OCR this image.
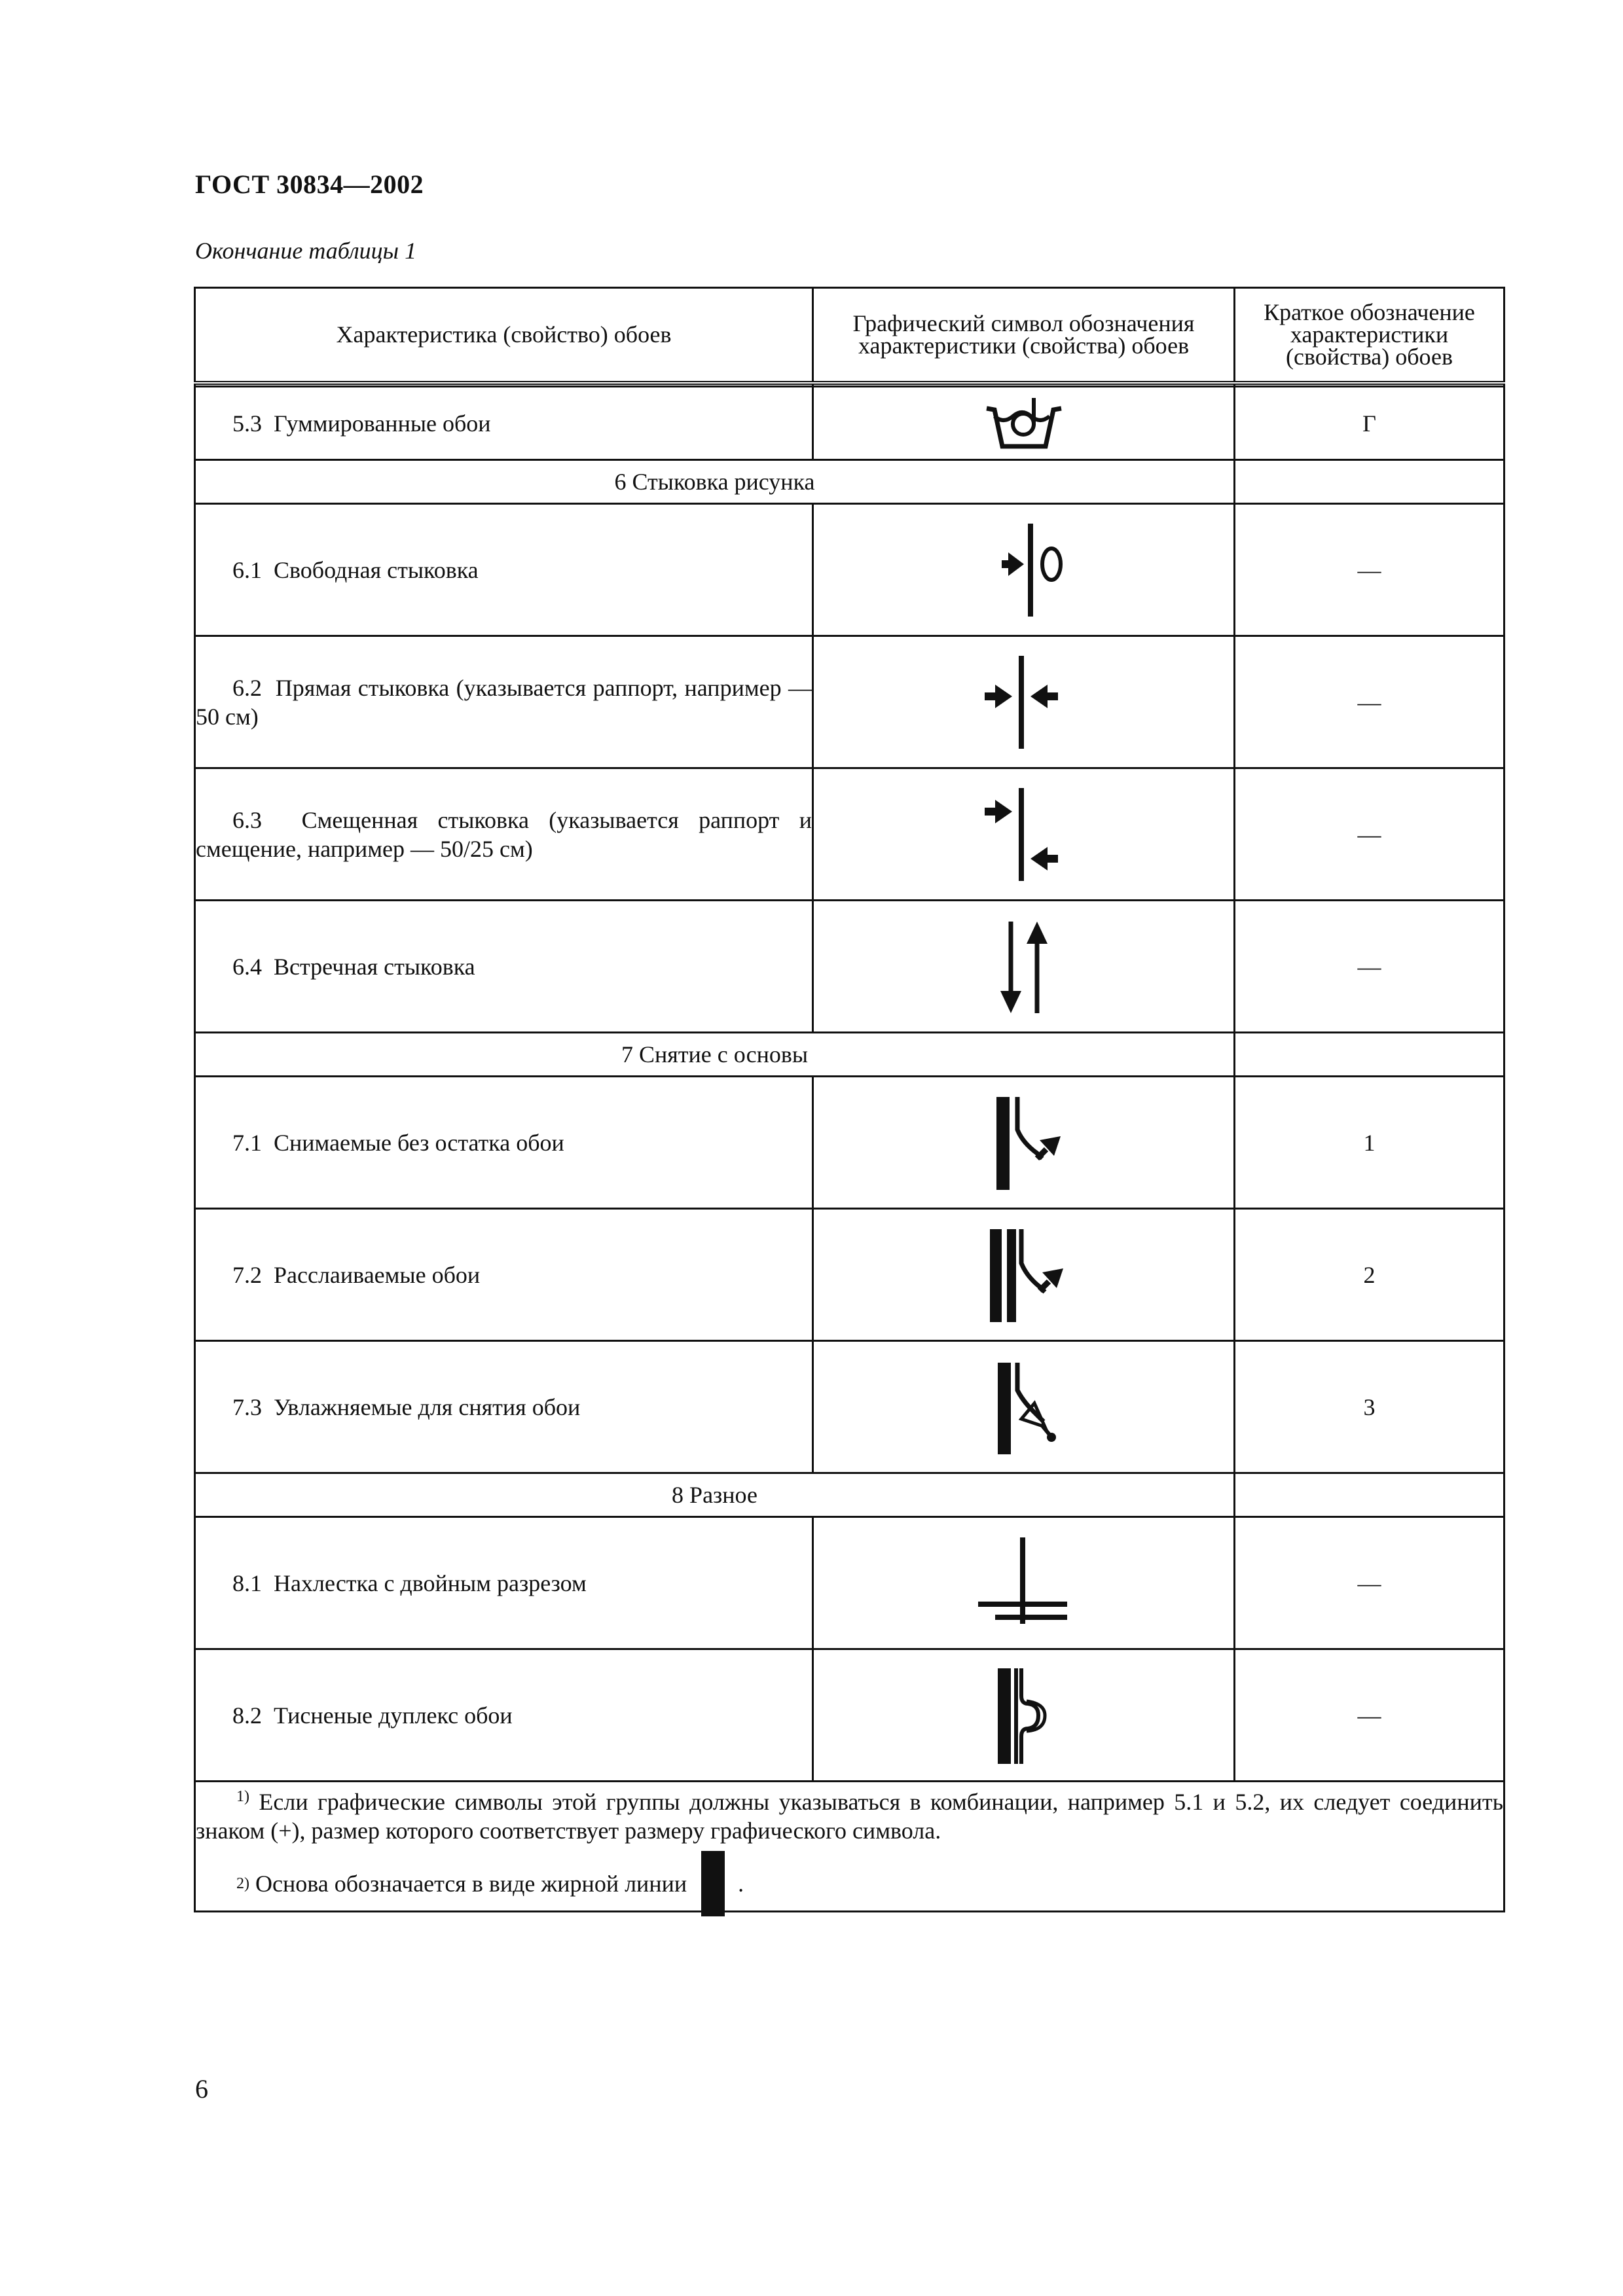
ГОСТ 30834—2002
Окончание таблицы 1
Характеристика (свойство) обоев	Графический символ обозначения характеристики (свойства) обоев	Краткое обозначение характеристики (свойства) обоев

5.3 Гуммированные обои		Г
6 Стыковка рисунка		
6.1 Свободная стыковка		—
6.2 Прямая стыковка (указывается раппорт, например — 50 см)		—
6.3 Смещенная стыковка (указывается раппорт и смещение, например — 50/25 см)		—
6.4 Встречная стыковка		—
7 Снятие с основы		
7.1 Снимаемые без остатка обои		1
7.2 Расслаиваемые обои		2
7.3 Увлажняемые для снятия обои		3
8 Разное		
8.1 Нахлестка с двойным разрезом		—
8.2 Тисненые дуплекс обои		—

$^{1)}$ Если графические символы этой группы должны указываться в комбинации, например 5.1 и 5.2, их следует соединить знаком (+), размер которого соответствует размеру графического символа.
2)
Основа обозначается в виде жирной линии .		
6
